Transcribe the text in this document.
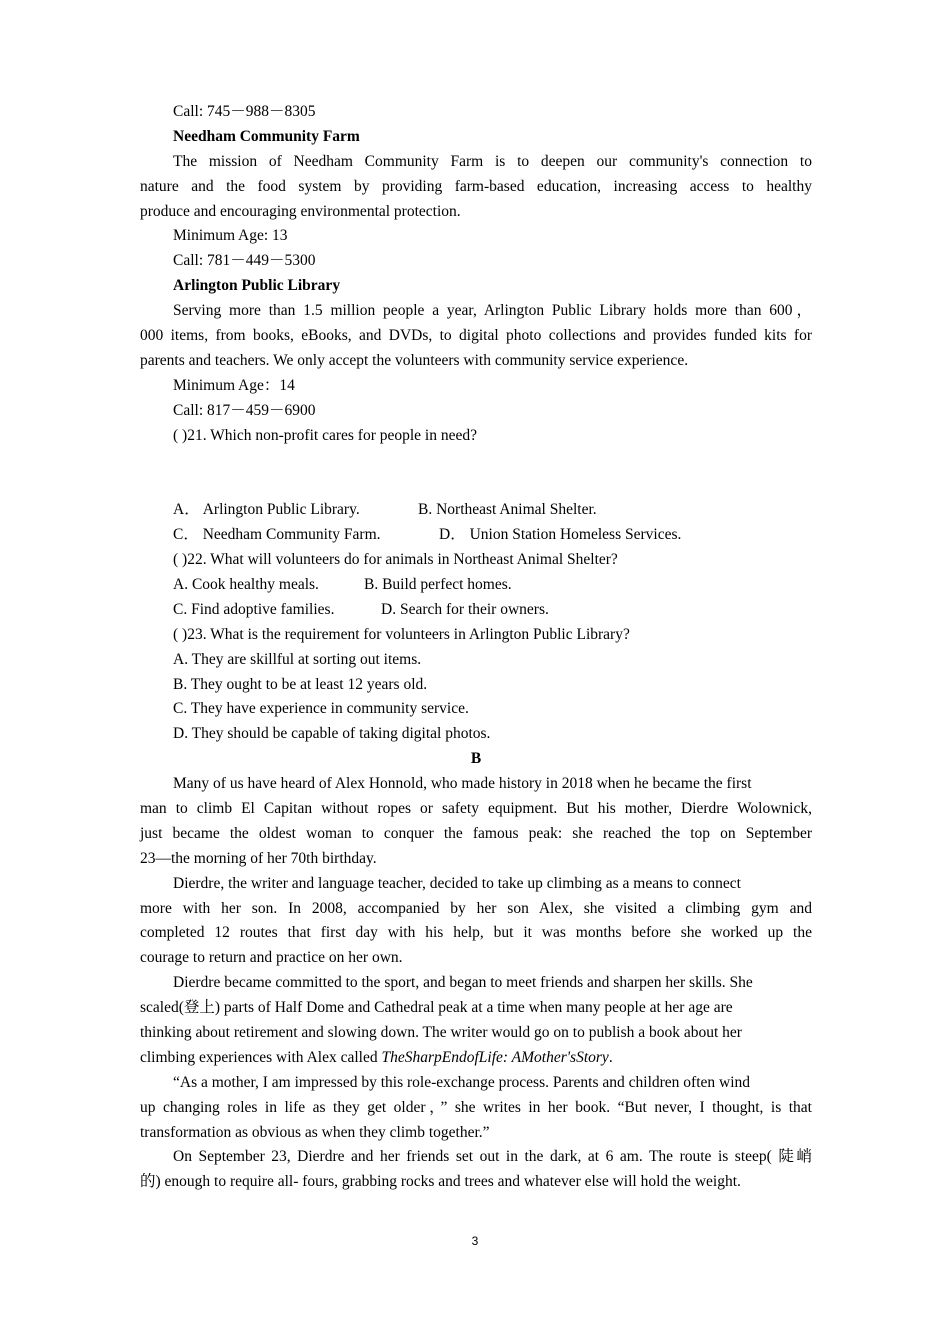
Call: 745－988－8305
Needham Community Farm
The mission of Needham Community Farm is to deepen our community's connection to
nature and the food system by providing farm-based education, increasing access to healthy
produce and encouraging environmental protection.
Minimum Age: 13
Call: 781－449－5300
Arlington Public Library
Serving more than 1.5 million people a year, Arlington Public Library holds more than 600，
000 items, from books, eBooks, and DVDs, to digital photo collections and provides funded kits for
parents and teachers. We only accept the volunteers with community service experience.
Minimum Age：14
Call: 817－459－6900
( )21. Which non-profit cares for people in need?
A． Arlington Public Library.	B. Northeast Animal Shelter.
C． Needham Community Farm.	D． Union Station Homeless Services.
( )22. What will volunteers do for animals in Northeast Animal Shelter?
A. Cook healthy meals.	B. Build perfect homes.
C. Find adoptive families.	D. Search for their owners.
( )23. What is the requirement for volunteers in Arlington Public Library?
A. They are skillful at sorting out items.
B. They ought to be at least 12 years old.
C. They have experience in community service.
D. They should be capable of taking digital photos.
B
Many of us have heard of Alex Honnold, who made history in 2018 when he became the first
man to climb El Capitan without ropes or safety equipment. But his mother, Dierdre Wolownick,
just became the oldest woman to conquer the famous peak: she reached the top on September
23—the morning of her 70th birthday.
Dierdre, the writer and language teacher, decided to take up climbing as a means to connect
more with her son. In 2008, accompanied by her son Alex, she visited a climbing gym and
completed 12 routes that first day with his help, but it was months before she worked up the
courage to return and practice on her own.
Dierdre became committed to the sport, and began to meet friends and sharpen her skills. She
scaled(登上) parts of Half Dome and Cathedral peak at a time when many people at her age are
thinking about retirement and slowing down. The writer would go on to publish a book about her
climbing experiences with Alex called TheSharpEndofLife: AMother'sStory.
“As a mother, I am impressed by this role-exchange process. Parents and children often wind
up changing roles in life as they get older，” she writes in her book. “But never, I thought, is that
transformation as obvious as when they climb together.”
On September 23, Dierdre and her friends set out in the dark, at 6 am. The route is steep( 陡峭
的) enough to require all- fours, grabbing rocks and trees and whatever else will hold the weight.
3
